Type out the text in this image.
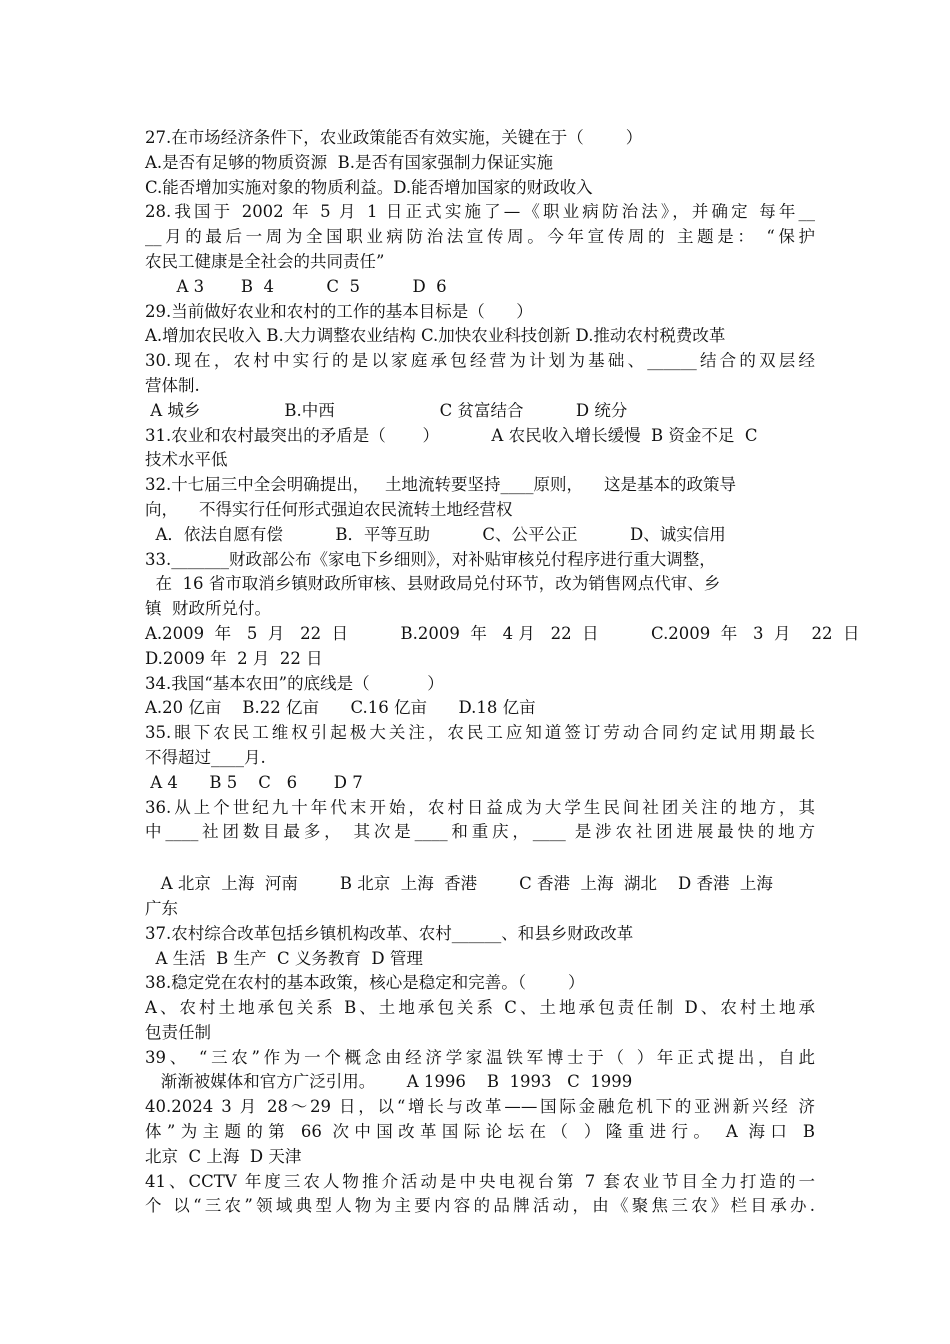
27.在市场经济条件下，农业政策能否有效实施，关键在于（        ）
A.是否有足够的物质资源  B.是否有国家强制力保证实施
C.能否增加实施对象的物质利益。D.能否增加国家的财政收入
28.我国于 2002 年 5 月 1 日正式实施了—《职业病防治法》，并确定 每年__
__月的最后一周为全国职业病防治法宣传周。今年宣传周的 主题是： “保护
农民工健康是全社会的共同责任”
A 3       B  4          C  5          D  6
29.当前做好农业和农村的工作的基本目标是（      ）
A.增加农民收入 B.大力调整农业结构 C.加快农业科技创新 D.推动农村税费改革
30.现在，农村中实行的是以家庭承包经营为计划为基础、______结合的双层经
营体制.
A 城乡                B.中西                    C 贫富结合          D 统分
31.农业和农村最突出的矛盾是（       ）          A 农民收入增长缓慢  B 资金不足  C
技术水平低
32.十七届三中全会明确提出，   土地流转要坚持____原则，    这是基本的政策导
向，    不得实行任何形式强迫农民流转土地经营权
A．依法自愿有偿          B．平等互助          C、公平公正          D、诚实信用
33._______财政部公布《家电下乡细则》，对补贴审核兑付程序进行重大调整，
在  16 省市取消乡镇财政所审核、县财政局兑付环节，改为销售网点代审、乡
镇  财政所兑付。
A.2009  年   5  月   22  日          B.2009  年   4 月   22  日          C.2009  年   3  月    22  日
D.2009 年  2 月  22 日
34.我国“基本农田”的底线是（           ）
A.20 亿亩    B.22 亿亩      C.16 亿亩      D.18 亿亩
35.眼下农民工维权引起极大关注，农民工应知道签订劳动合同约定试用期最长
不得超过____月.
A 4      B 5    C   6       D 7
36.从上个世纪九十年代末开始，农村日益成为大学生民间社团关注的地方，其
中____社团数目最多， 其次是____和重庆，____ 是涉农社团进展最快的地方
A 北京  上海  河南        B 北京  上海  香港        C 香港  上海  湖北    D 香港  上海
广东
37.农村综合改革包括乡镇机构改革、农村______、和县乡财政改革
A 生活  B 生产  C 义务教育  D 管理
38.稳定党在农村的基本政策，核心是稳定和完善。（        ）
A、农村土地承包关系 B、土地承包关系 C、土地承包责任制 D、农村土地承
包责任制
39、 “三农”作为一个概念由经济学家温铁军博士于（ ）年正式提出，自此
渐渐被媒体和官方广泛引用。      A 1996    B  1993   C  1999
40.2024 3 月 28～29 日，以“增长与改革——国际金融危机下的亚洲新兴经 济
体”为主题的第 66 次中国改革国际论坛在（ ）隆重进行。 A 海口 B
北京  C 上海  D 天津
41、CCTV 年度三农人物推介活动是中央电视台第 7 套农业节目全力打造的一
个 以“三农”领域典型人物为主要内容的品牌活动，由《聚焦三农》栏目承办.
